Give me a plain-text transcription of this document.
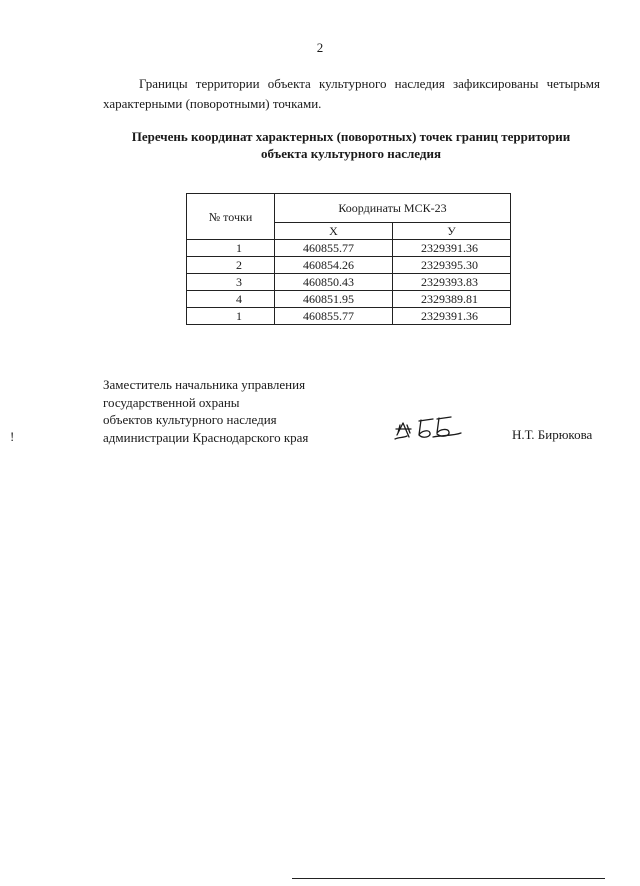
2
!

Границы территории объекта культурного наследия зафиксированы четырьмя характерными (поворотными) точками.

Перечень координат характерных (поворотных) точек границ территории
объекта культурного наследия
№ точки	Координаты МСК-23	
	X	У
1	460855.77	2329391.36
2	460854.26	2329395.30
3	460850.43	2329393.83
4	460851.95	2329389.81
1	460855.77	2329391.36
Заместитель начальника управления
государственной охраны
объектов культурного наследия
администрации Краснодарского края	Н.Т. Бирюкова
